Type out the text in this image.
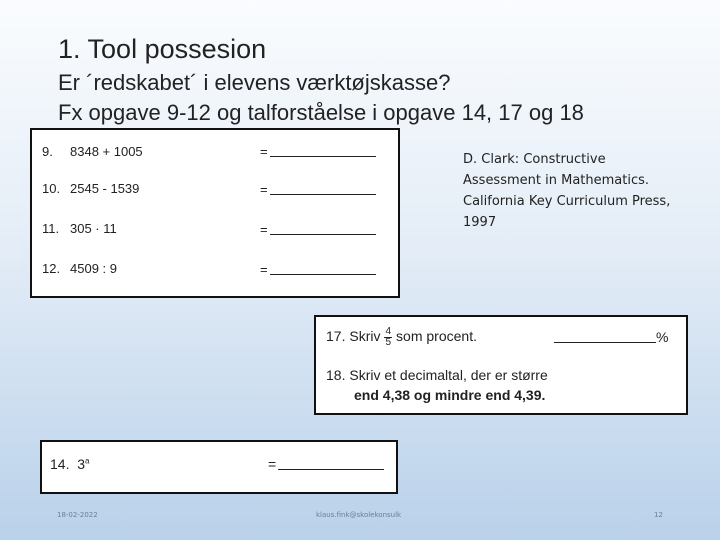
1. Tool possesion

Er ´redskabet´ i elevens værktøjskasse?

Fx opgave 9-12 og talforståelse i opgave 14, 17 og 18

9. 8348 + 1005	=
10. 2545 - 1539	=
11. 305 · 11	=
12. 4509 : 9	=
D. Clark: Constructive
Assessment in Mathematics.
California Key Curriculum Press,
1997
17. Skriv $\frac{4}{5}$ som procent.	%
18. Skriv et decimaltal, der er større
end 4,38 og mindre end 4,39.
14. $3^a$	=
18-02-2022	klaus.fink@skolekonsulk	12
